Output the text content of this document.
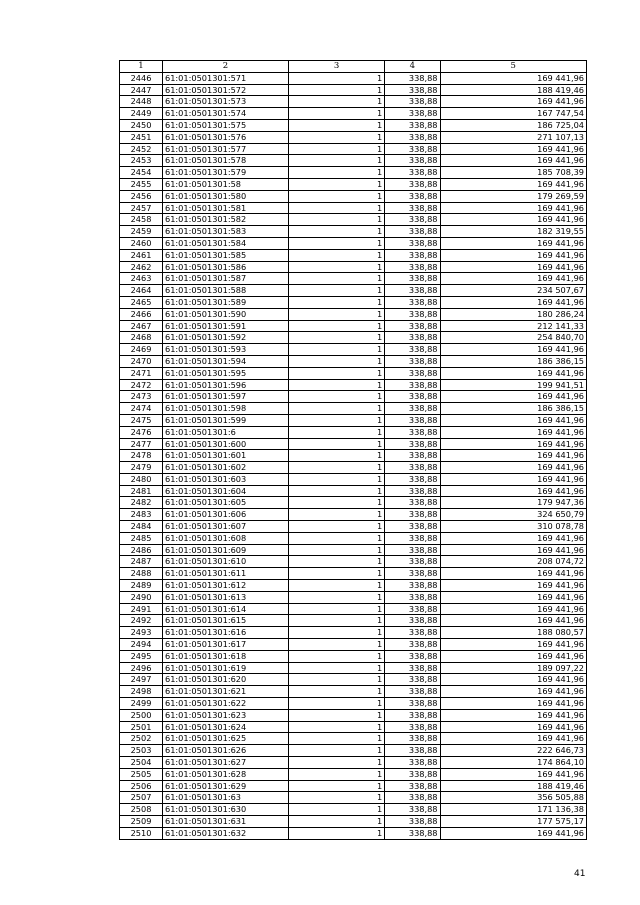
1	2	3	4	5
2446	61:01:0501301:571	1	338,88	169 441,96
2447	61:01:0501301:572	1	338,88	188 419,46
2448	61:01:0501301:573	1	338,88	169 441,96
2449	61:01:0501301:574	1	338,88	167 747,54
2450	61:01:0501301:575	1	338,88	186 725,04
2451	61:01:0501301:576	1	338,88	271 107,13
2452	61:01:0501301:577	1	338,88	169 441,96
2453	61:01:0501301:578	1	338,88	169 441,96
2454	61:01:0501301:579	1	338,88	185 708,39
2455	61:01:0501301:58	1	338,88	169 441,96
2456	61:01:0501301:580	1	338,88	179 269,59
2457	61:01:0501301:581	1	338,88	169 441,96
2458	61:01:0501301:582	1	338,88	169 441,96
2459	61:01:0501301:583	1	338,88	182 319,55
2460	61:01:0501301:584	1	338,88	169 441,96
2461	61:01:0501301:585	1	338,88	169 441,96
2462	61:01:0501301:586	1	338,88	169 441,96
2463	61:01:0501301:587	1	338,88	169 441,96
2464	61:01:0501301:588	1	338,88	234 507,67
2465	61:01:0501301:589	1	338,88	169 441,96
2466	61:01:0501301:590	1	338,88	180 286,24
2467	61:01:0501301:591	1	338,88	212 141,33
2468	61:01:0501301:592	1	338,88	254 840,70
2469	61:01:0501301:593	1	338,88	169 441,96
2470	61:01:0501301:594	1	338,88	186 386,15
2471	61:01:0501301:595	1	338,88	169 441,96
2472	61:01:0501301:596	1	338,88	199 941,51
2473	61:01:0501301:597	1	338,88	169 441,96
2474	61:01:0501301:598	1	338,88	186 386,15
2475	61:01:0501301:599	1	338,88	169 441,96
2476	61:01:0501301:6	1	338,88	169 441,96
2477	61:01:0501301:600	1	338,88	169 441,96
2478	61:01:0501301:601	1	338,88	169 441,96
2479	61:01:0501301:602	1	338,88	169 441,96
2480	61:01:0501301:603	1	338,88	169 441,96
2481	61:01:0501301:604	1	338,88	169 441,96
2482	61:01:0501301:605	1	338,88	179 947,36
2483	61:01:0501301:606	1	338,88	324 650,79
2484	61:01:0501301:607	1	338,88	310 078,78
2485	61:01:0501301:608	1	338,88	169 441,96
2486	61:01:0501301:609	1	338,88	169 441,96
2487	61:01:0501301:610	1	338,88	208 074,72
2488	61:01:0501301:611	1	338,88	169 441,96
2489	61:01:0501301:612	1	338,88	169 441,96
2490	61:01:0501301:613	1	338,88	169 441,96
2491	61:01:0501301:614	1	338,88	169 441,96
2492	61:01:0501301:615	1	338,88	169 441,96
2493	61:01:0501301:616	1	338,88	188 080,57
2494	61:01:0501301:617	1	338,88	169 441,96
2495	61:01:0501301:618	1	338,88	169 441,96
2496	61:01:0501301:619	1	338,88	189 097,22
2497	61:01:0501301:620	1	338,88	169 441,96
2498	61:01:0501301:621	1	338,88	169 441,96
2499	61:01:0501301:622	1	338,88	169 441,96
2500	61:01:0501301:623	1	338,88	169 441,96
2501	61:01:0501301:624	1	338,88	169 441,96
2502	61:01:0501301:625	1	338,88	169 441,96
2503	61:01:0501301:626	1	338,88	222 646,73
2504	61:01:0501301:627	1	338,88	174 864,10
2505	61:01:0501301:628	1	338,88	169 441,96
2506	61:01:0501301:629	1	338,88	188 419,46
2507	61:01:0501301:63	1	338,88	356 505,88
2508	61:01:0501301:630	1	338,88	171 136,38
2509	61:01:0501301:631	1	338,88	177 575,17
2510	61:01:0501301:632	1	338,88	169 441,96
41
